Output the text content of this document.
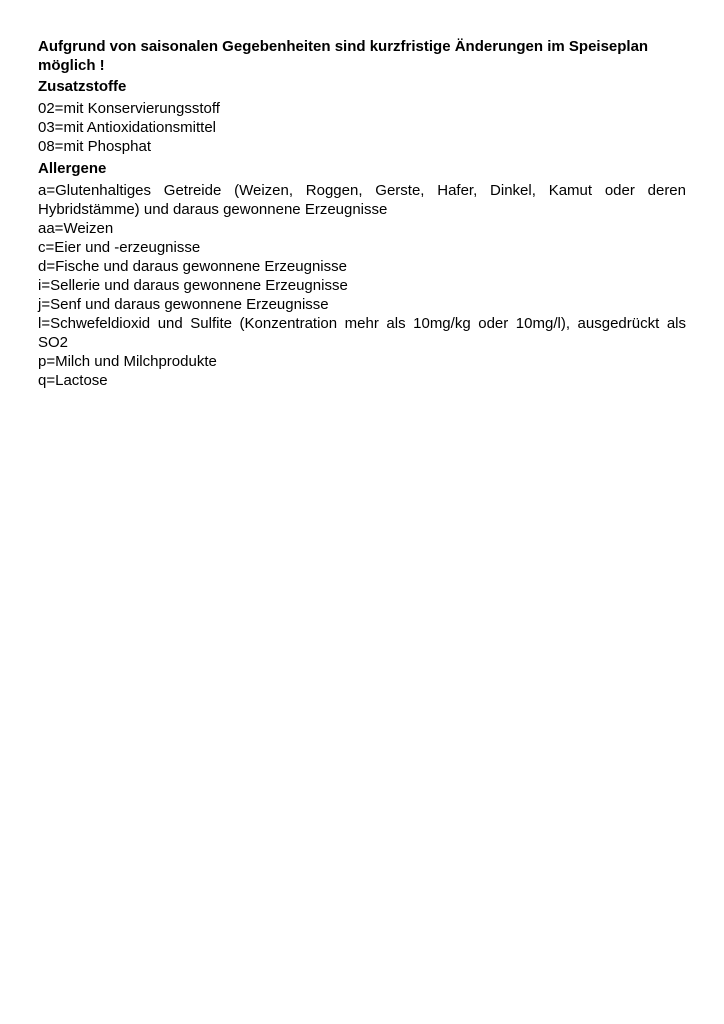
Aufgrund von saisonalen Gegebenheiten sind kurzfristige Änderungen im Speiseplan möglich !

Zusatzstoffe
02=mit Konservierungsstoff
03=mit Antioxidationsmittel
08=mit Phosphat
Allergene
a=Glutenhaltiges Getreide (Weizen, Roggen, Gerste, Hafer, Dinkel, Kamut oder deren Hybridstämme) und daraus gewonnene Erzeugnisse
aa=Weizen
c=Eier und -erzeugnisse
d=Fische und daraus gewonnene Erzeugnisse
i=Sellerie und daraus gewonnene Erzeugnisse
j=Senf und daraus gewonnene Erzeugnisse
l=Schwefeldioxid und Sulfite (Konzentration mehr als 10mg/kg oder 10mg/l), ausgedrückt als SO2
p=Milch und Milchprodukte
q=Lactose
